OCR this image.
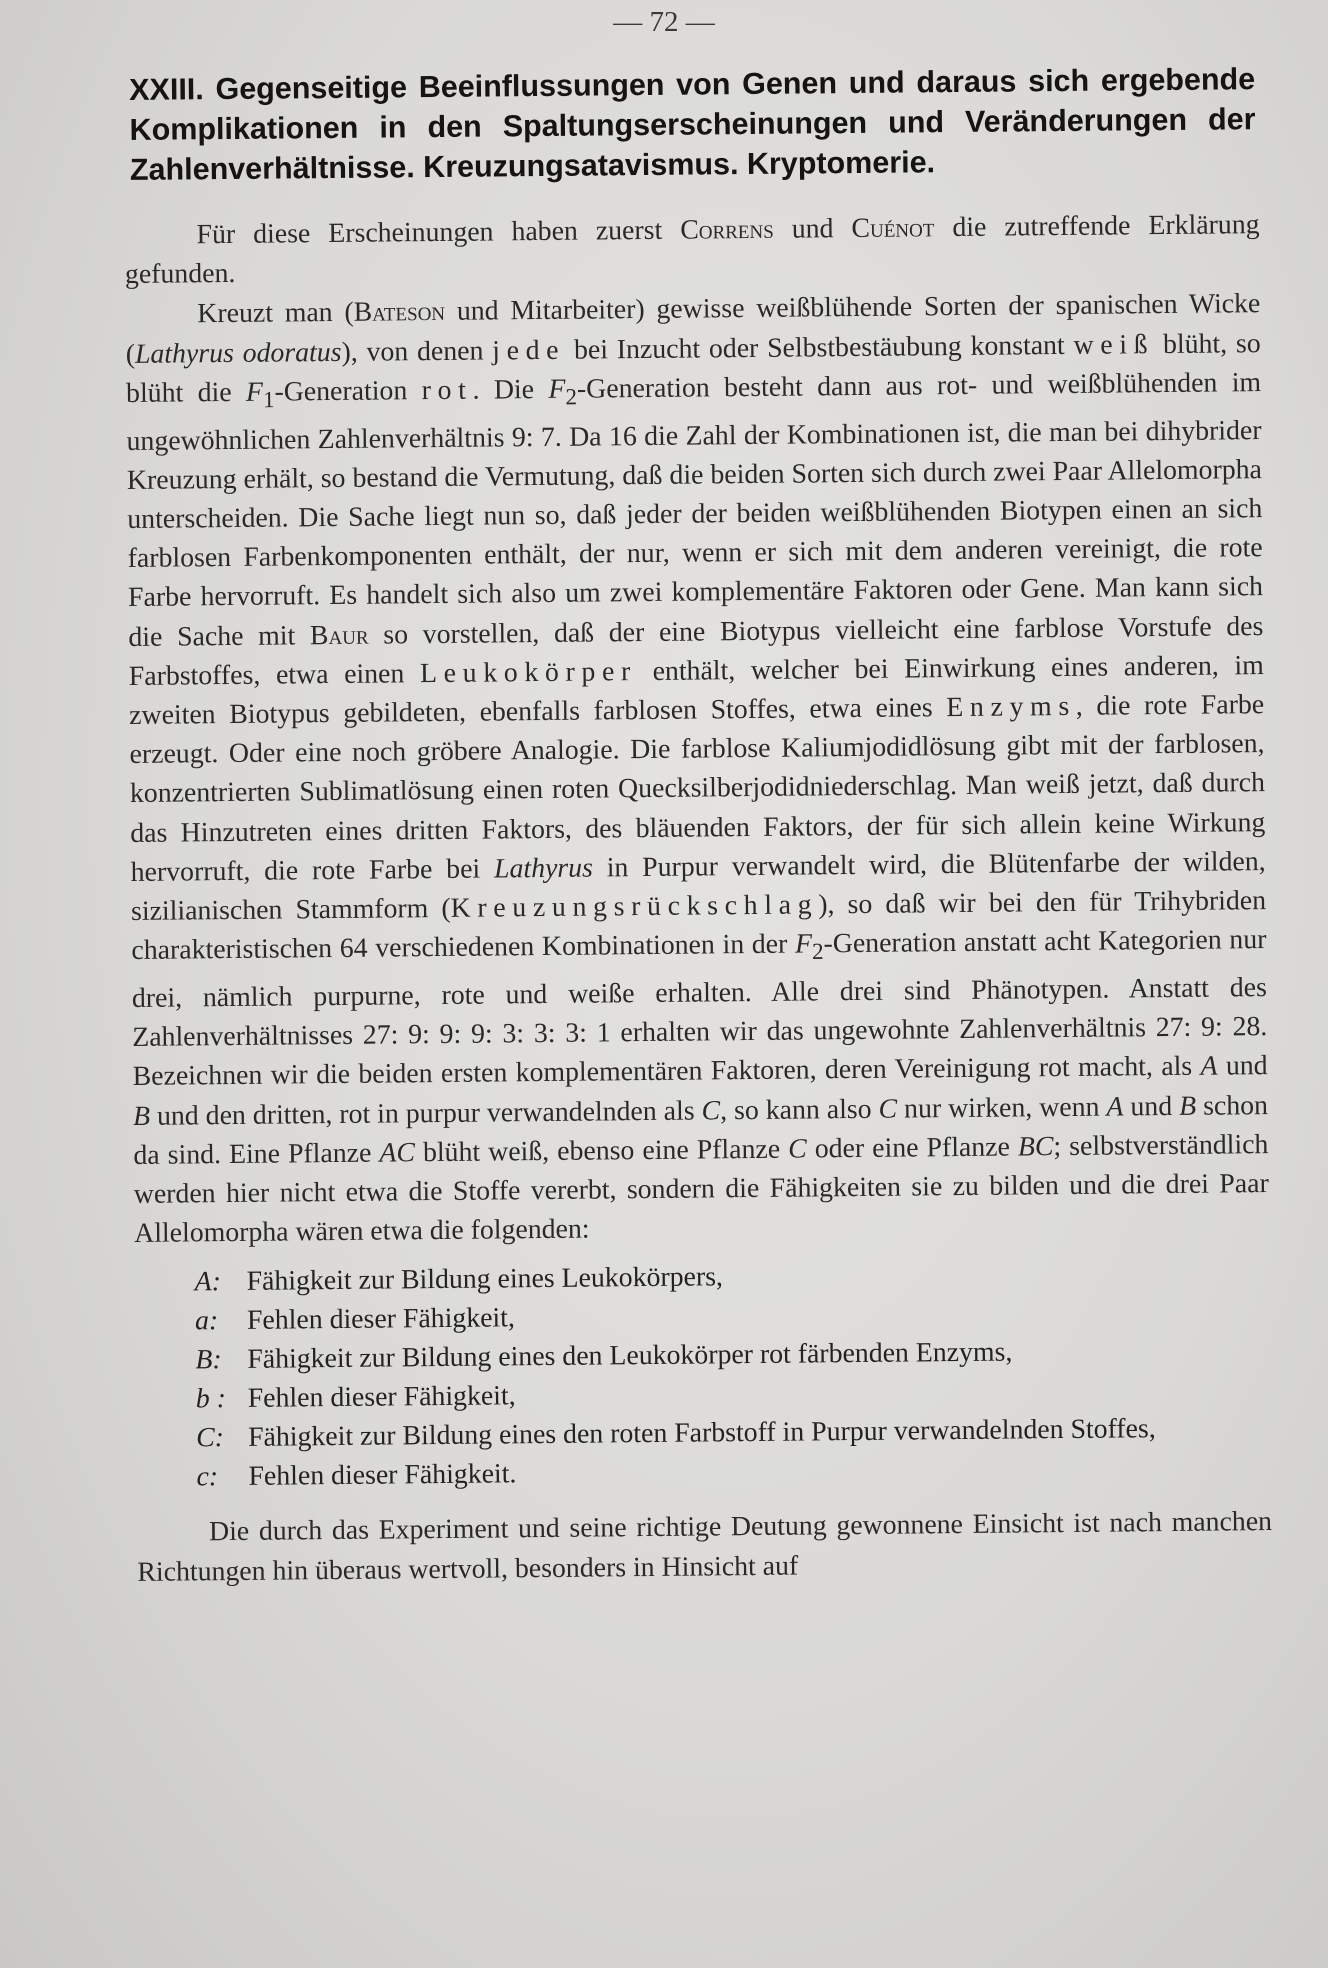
— 72 —
XXIII. Gegenseitige Beeinflussungen von Genen und daraus sich ergebende Komplikationen in den Spaltungserscheinungen und Veränderungen der Zahlenverhältnisse. Kreuzungsatavismus. Kryptomerie.

Für diese Erscheinungen haben zuerst Correns und Cuénot die zutreffende Erklärung gefunden.

Kreuzt man (Bateson und Mitarbeiter) gewisse weißblühende Sorten der spanischen Wicke (Lathyrus odoratus), von denen jede bei Inzucht oder Selbstbestäubung konstant weiß blüht, so blüht die $F_1$-Generation rot. Die $F_2$-Generation besteht dann aus rot- und weißblühenden im ungewöhnlichen Zahlenverhältnis 9: 7. Da 16 die Zahl der Kombinationen ist, die man bei dihybrider Kreuzung erhält, so bestand die Vermutung, daß die beiden Sorten sich durch zwei Paar Allelomorpha unterscheiden. Die Sache liegt nun so, daß jeder der beiden weißblühenden Biotypen einen an sich farblosen Farbenkomponenten enthält, der nur, wenn er sich mit dem anderen vereinigt, die rote Farbe hervorruft. Es handelt sich also um zwei komplementäre Faktoren oder Gene. Man kann sich die Sache mit Baur so vorstellen, daß der eine Biotypus vielleicht eine farblose Vorstufe des Farbstoffes, etwa einen Leukokörper enthält, welcher bei Einwirkung eines anderen, im zweiten Biotypus gebildeten, ebenfalls farblosen Stoffes, etwa eines Enzyms, die rote Farbe erzeugt. Oder eine noch gröbere Analogie. Die farblose Kaliumjodidlösung gibt mit der farblosen, konzentrierten Sublimatlösung einen roten Quecksilberjodidniederschlag. Man weiß jetzt, daß durch das Hinzutreten eines dritten Faktors, des bläuenden Faktors, der für sich allein keine Wirkung hervorruft, die rote Farbe bei Lathyrus in Purpur verwandelt wird, die Blütenfarbe der wilden, sizilianischen Stammform (Kreuzungsrückschlag), so daß wir bei den für Trihybriden charakteristischen 64 verschiedenen Kombinationen in der $F_2$-Generation anstatt acht Kategorien nur drei, nämlich purpurne, rote und weiße erhalten. Alle drei sind Phänotypen. Anstatt des Zahlenverhältnisses 27: 9: 9: 9: 3: 3: 3: 1 erhalten wir das ungewohnte Zahlenverhältnis 27: 9: 28. Bezeichnen wir die beiden ersten komplementären Faktoren, deren Vereinigung rot macht, als A und B und den dritten, rot in purpur verwandelnden als C, so kann also C nur wirken, wenn A und B schon da sind. Eine Pflanze AC blüht weiß, ebenso eine Pflanze C oder eine Pflanze BC; selbstverständlich werden hier nicht etwa die Stoffe vererbt, sondern die Fähigkeiten sie zu bilden und die drei Paar Allelomorpha wären etwa die folgenden:

A: Fähigkeit zur Bildung eines Leukokörpers,
a:	Fehlen dieser Fähigkeit,
B: Fähigkeit zur Bildung eines den Leukokörper rot färbenden Enzyms,
b : Fehlen dieser Fähigkeit,
C: Fähigkeit zur Bildung eines den roten Farbstoff in Purpur verwandelnden Stoffes,
c:	Fehlen dieser Fähigkeit.

Die durch das Experiment und seine richtige Deutung gewonnene Einsicht ist nach manchen Richtungen hin überaus wertvoll, besonders in Hinsicht auf
